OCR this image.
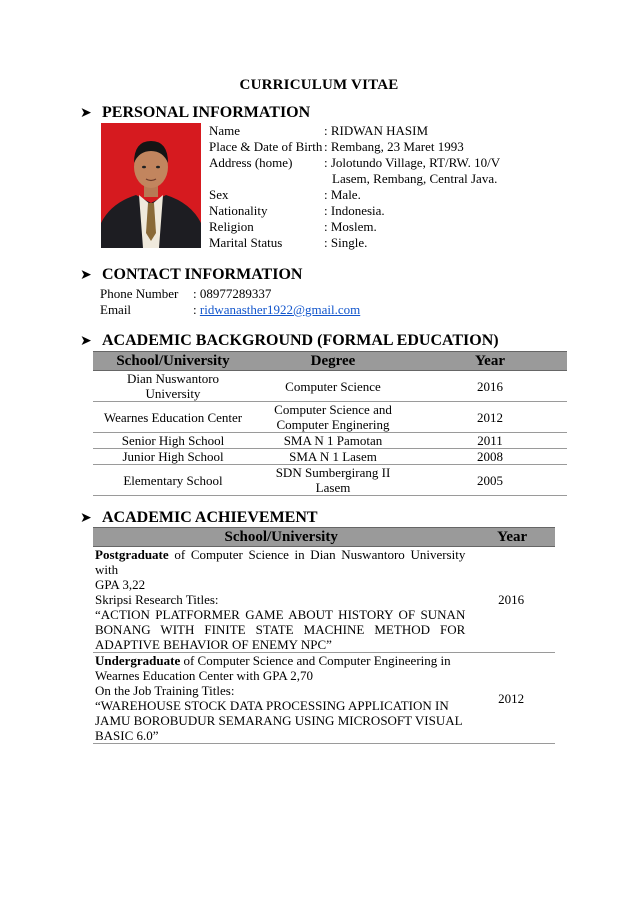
CURRICULUM VITAE
➤ PERSONAL INFORMATION
Name	: RIDWAN HASIM
Place & Date of Birth : Rembang, 23 Maret 1993
Address (home) : Jolotundo Village, RT/RW. 10/V
Lasem, Rembang, Central Java.
Sex	: Male.
Nationality	: Indonesia.
Religion	: Moslem.
Marital Status	: Single.
➤ CONTACT INFORMATION
Phone Number : 08977289337
Email	: ridwanasther1922@gmail.com
➤ ACADEMIC BACKGROUND (FORMAL EDUCATION)
School/University	Degree	Year
Dian Nuswantoro
University	Computer Science	2016
Wearnes Education Center	Computer Science and
Computer Enginering	2012
Senior High School	SMA N 1 Pamotan	2011
Junior High School	SMA N 1 Lasem	2008
Elementary School	SDN Sumbergirang II
Lasem	2005
➤ ACADEMIC ACHIEVEMENT
School/University	Year
Postgraduate of Computer Science in Dian Nuswantoro University with
GPA 3,22
Skripsi Research Titles:
“ACTION PLATFORMER GAME ABOUT HISTORY OF SUNAN BONANG WITH FINITE STATE MACHINE METHOD FOR ADAPTIVE BEHAVIOR OF ENEMY NPC”	2016
Undergraduate of Computer Science and Computer Engineering in Wearnes Education Center with GPA 2,70
On the Job Training Titles:
“WAREHOUSE STOCK DATA PROCESSING APPLICATION IN JAMU BOROBUDUR SEMARANG USING MICROSOFT VISUAL BASIC 6.0”	2012
